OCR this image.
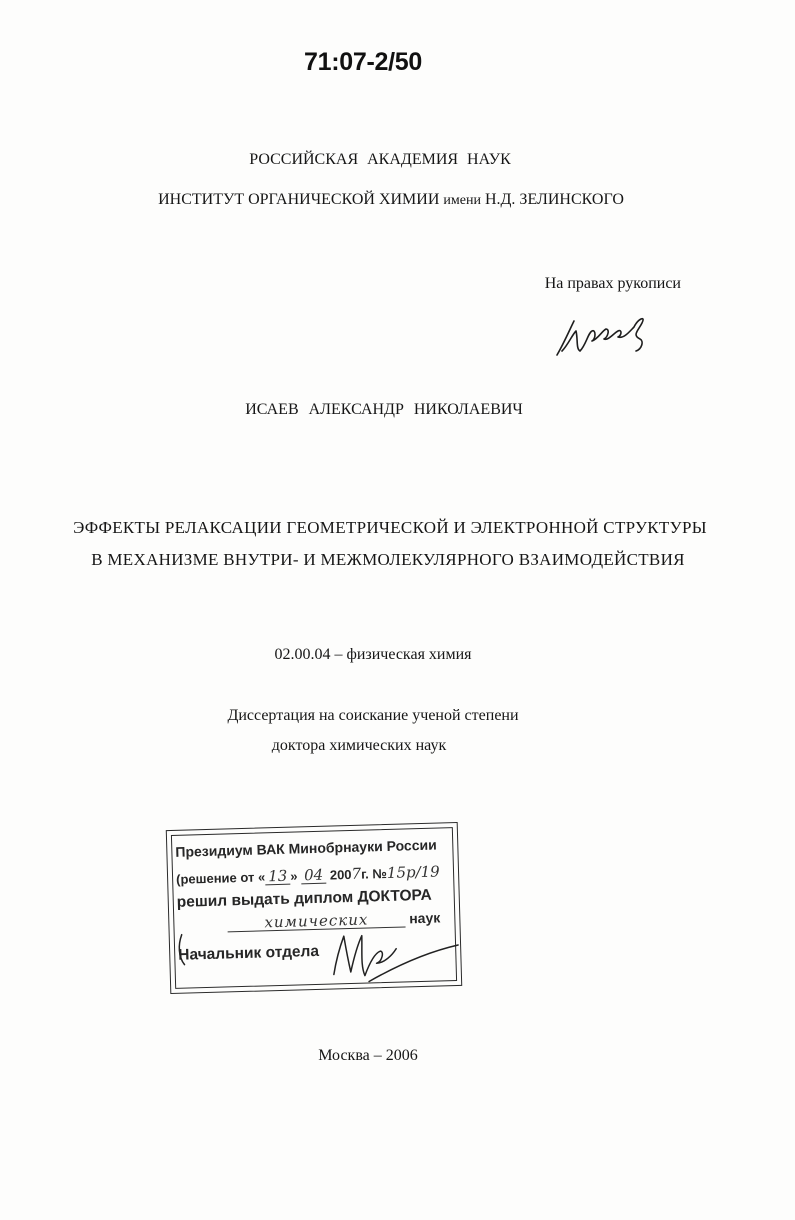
71:07-2/50
РОССИЙСКАЯ АКАДЕМИЯ НАУК
ИНСТИТУТ ОРГАНИЧЕСКОЙ ХИМИИ имени Н.Д. ЗЕЛИНСКОГО
На правах рукописи
ИСАЕВ АЛЕКСАНДР НИКОЛАЕВИЧ
ЭФФЕКТЫ РЕЛАКСАЦИИ ГЕОМЕТРИЧЕСКОЙ И ЭЛЕКТРОННОЙ СТРУКТУРЫ
В МЕХАНИЗМЕ ВНУТРИ- И МЕЖМОЛЕКУЛЯРНОГО ВЗАИМОДЕЙСТВИЯ
02.00.04 – физическая химия
Диссертация на соискание ученой степени
доктора химических наук
Президиум ВАК Минобрнауки России
(решение от « 13 » 04 2007г. №15р/19
решил выдать диплом ДОКТОРА
химических	наук
Начальник отдела
Москва – 2006
